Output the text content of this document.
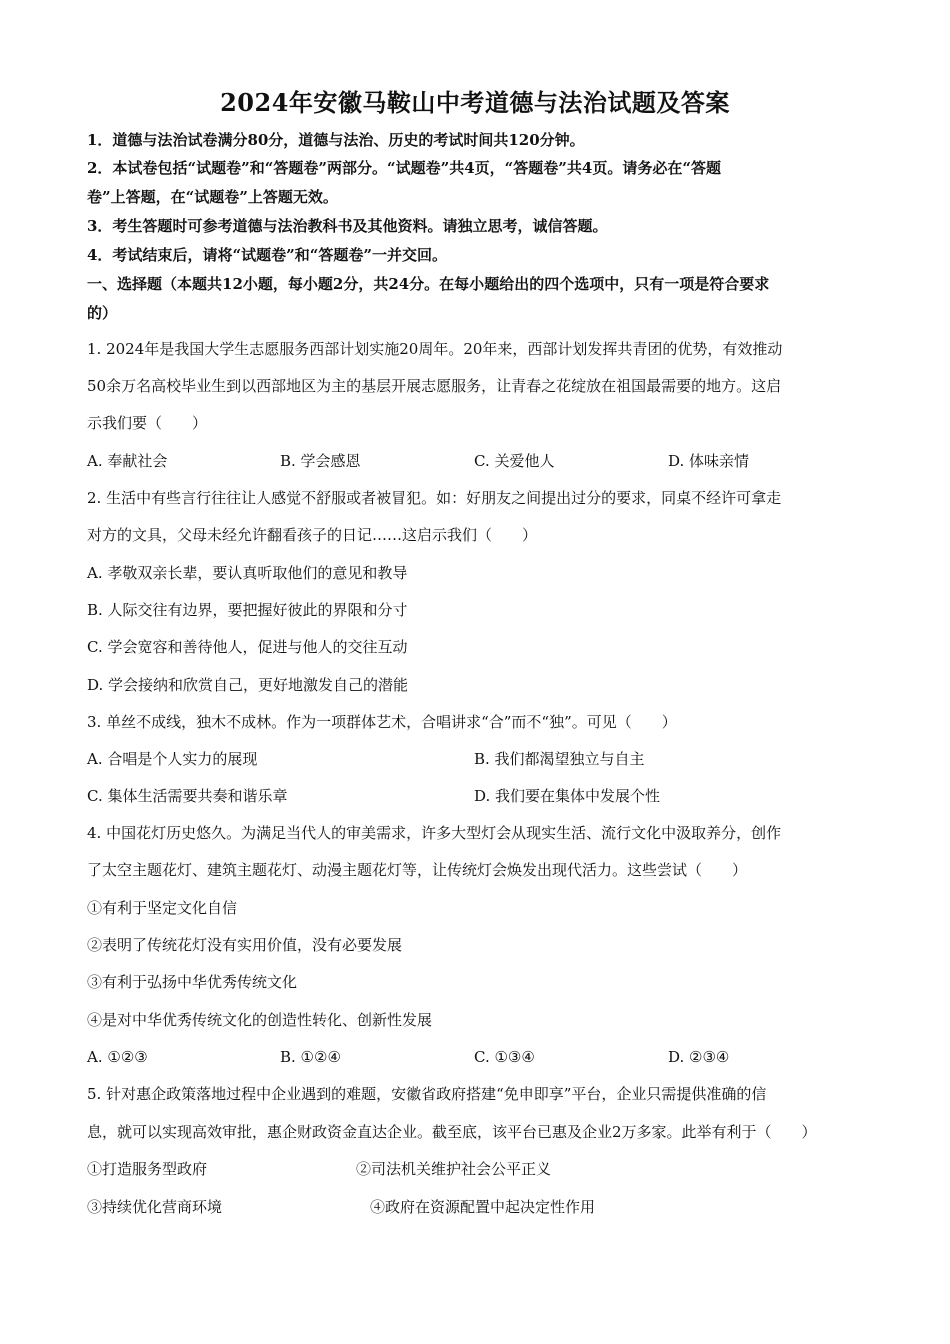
2024年安徽马鞍山中考道德与法治试题及答案
1．道德与法治试卷满分80分，道德与法治、历史的考试时间共120分钟。
2．本试卷包括“试题卷”和“答题卷”两部分。“试题卷”共4页，“答题卷”共4页。请务必在“答题
卷”上答题，在“试题卷”上答题无效。
3．考生答题时可参考道德与法治教科书及其他资料。请独立思考，诚信答题。
4．考试结束后，请将“试题卷”和“答题卷”一并交回。
一、选择题（本题共12小题，每小题2分，共24分。在每小题给出的四个选项中，只有一项是符合要求
的）
1. 2024年是我国大学生志愿服务西部计划实施20周年。20年来，西部计划发挥共青团的优势，有效推动
50余万名高校毕业生到以西部地区为主的基层开展志愿服务，让青春之花绽放在祖国最需要的地方。这启
示我们要（　　）
A. 奉献社会	B. 学会感恩	C. 关爱他人	D. 体味亲情
2. 生活中有些言行往往让人感觉不舒服或者被冒犯。如：好朋友之间提出过分的要求，同桌不经许可拿走
对方的文具，父母未经允许翻看孩子的日记……这启示我们（　　）
A. 孝敬双亲长辈，要认真听取他们的意见和教导
B. 人际交往有边界，要把握好彼此的界限和分寸
C. 学会宽容和善待他人，促进与他人的交往互动
D. 学会接纳和欣赏自己，更好地激发自己的潜能
3. 单丝不成线，独木不成林。作为一项群体艺术，合唱讲求“合”而不“独”。可见（　　）
A. 合唱是个人实力的展现	B. 我们都渴望独立与自主
C. 集体生活需要共奏和谐乐章	D. 我们要在集体中发展个性
4. 中国花灯历史悠久。为满足当代人的审美需求，许多大型灯会从现实生活、流行文化中汲取养分，创作
了太空主题花灯、建筑主题花灯、动漫主题花灯等，让传统灯会焕发出现代活力。这些尝试（　　）
①有利于坚定文化自信
②表明了传统花灯没有实用价值，没有必要发展
③有利于弘扬中华优秀传统文化
④是对中华优秀传统文化的创造性转化、创新性发展
A. ①②③	B. ①②④	C. ①③④	D. ②③④
5. 针对惠企政策落地过程中企业遇到的难题，安徽省政府搭建“免申即享”平台，企业只需提供准确的信
息，就可以实现高效审批，惠企财政资金直达企业。截至底，该平台已惠及企业2万多家。此举有利于（　　）
①打造服务型政府	②司法机关维护社会公平正义
③持续优化营商环境	④政府在资源配置中起决定性作用
